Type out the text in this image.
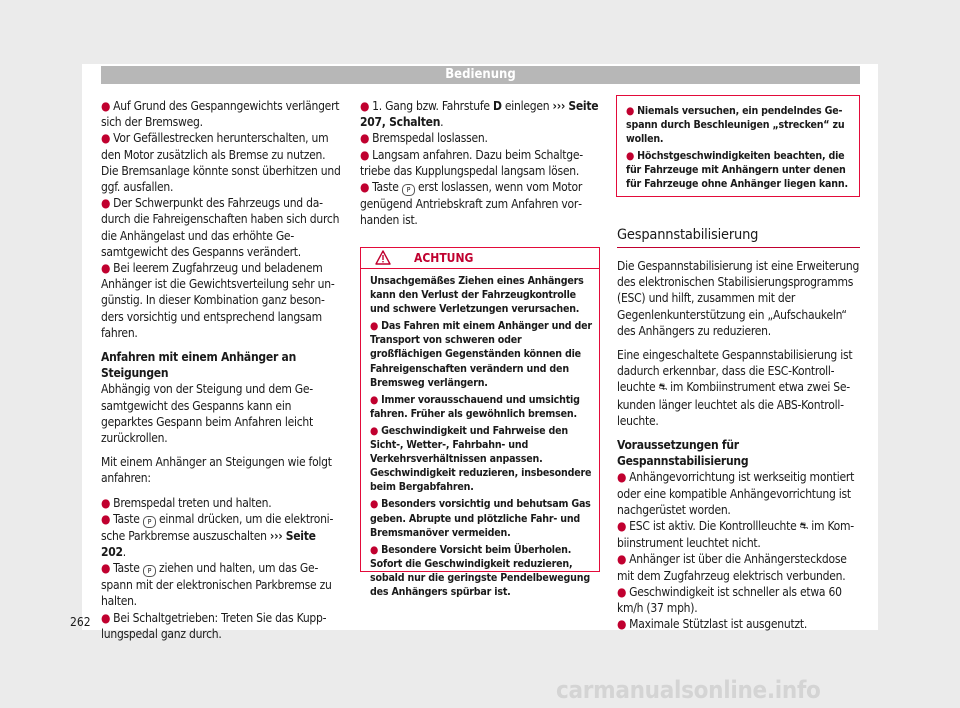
Bedienung

● Auf Grund des Gespanngewichts verlängert sich der Bremsweg.

● Vor Gefällestrecken herunterschalten, um den Motor zusätzlich als Bremse zu nutzen. Die Bremsanlage könnte sonst überhitzen und ggf. ausfallen.

● Der Schwerpunkt des Fahrzeugs und dadurch die Fahreigenschaften haben sich durch die Anhängelast und das erhöhte Gesamtgewicht des Gespanns verändert.

● Bei leerem Zugfahrzeug und beladenem Anhänger ist die Gewichtsverteilung sehr ungünstig. In dieser Kombination ganz besonders vorsichtig und entsprechend langsam fahren.

Anfahren mit einem Anhänger an Steigungen

Abhängig von der Steigung und dem Gesamtgewicht des Gespanns kann ein geparktes Gespann beim Anfahren leicht zurückrollen.

Mit einem Anhänger an Steigungen wie folgt anfahren:

● Bremspedal treten und halten.

● Taste P einmal drücken, um die elektronische Parkbremse auszuschalten ››› Seite 202.

● Taste P ziehen und halten, um das Gespann mit der elektronischen Parkbremse zu halten.

● Bei Schaltgetrieben: Treten Sie das Kupplungspedal ganz durch.

● 1. Gang bzw. Fahrstufe D einlegen ››› Seite 207, Schalten.

● Bremspedal loslassen.

● Langsam anfahren. Dazu beim Schaltgetriebe das Kupplungspedal langsam lösen.

● Taste P erst loslassen, wenn vom Motor genügend Antriebskraft zum Anfahren vorhanden ist.

ACHTUNG

Unsachgemäßes Ziehen eines Anhängers kann den Verlust der Fahrzeugkontrolle und schwere Verletzungen verursachen.

● Das Fahren mit einem Anhänger und der Transport von schweren oder großflächigen Gegenständen können die Fahreigenschaften verändern und den Bremsweg verlängern.

● Immer vorausschauend und umsichtig fahren. Früher als gewöhnlich bremsen.

● Geschwindigkeit und Fahrweise den Sicht-, Wetter-, Fahrbahn- und Verkehrsverhältnissen anpassen. Geschwindigkeit reduzieren, insbesondere beim Bergabfahren.

● Besonders vorsichtig und behutsam Gas geben. Abrupte und plötzliche Fahr- und Bremsmanöver vermeiden.

● Besondere Vorsicht beim Überholen. Sofort die Geschwindigkeit reduzieren, sobald nur die geringste Pendelbewegung des Anhängers spürbar ist.

● Niemals versuchen, ein pendelndes Gespann durch Beschleunigen „strecken“ zu wollen.

● Höchstgeschwindigkeiten beachten, die für Fahrzeuge mit Anhängern unter denen für Fahrzeuge ohne Anhänger liegen kann.

Gespannstabilisierung

Die Gespannstabilisierung ist eine Erweiterung des elektronischen Stabilisierungsprogramms (ESC) und hilft, zusammen mit der Gegenlenkunterstützung ein „Aufschaukeln“ des Anhängers zu reduzieren.

Eine eingeschaltete Gespannstabilisierung ist dadurch erkennbar, dass die ESC-Kontrollleuchte ⛐ im Kombiinstrument etwa zwei Sekunden länger leuchtet als die ABS-Kontrollleuchte.

Voraussetzungen für Gespannstabilisierung

● Anhängevorrichtung ist werkseitig montiert oder eine kompatible Anhängevorrichtung ist nachgerüstet worden.

● ESC ist aktiv. Die Kontrollleuchte ⛐ im Kombiinstrument leuchtet nicht.

● Anhänger ist über die Anhängersteckdose mit dem Zugfahrzeug elektrisch verbunden.

● Geschwindigkeit ist schneller als etwa 60 km/h (37 mph).

● Maximale Stützlast ist ausgenutzt.

262
carmanualsonline.info
